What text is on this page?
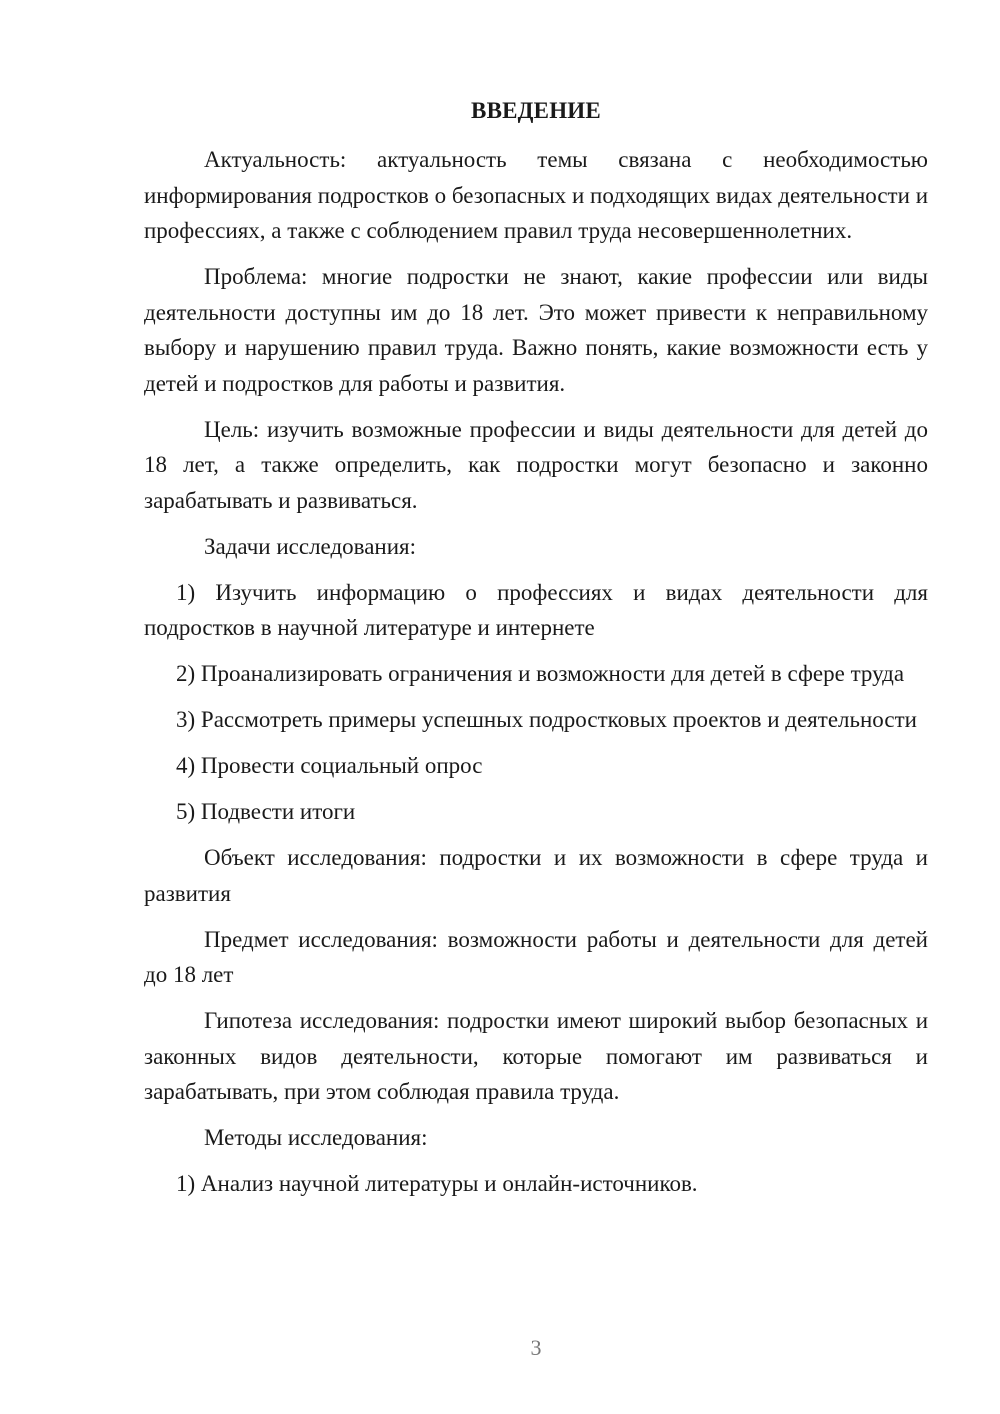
ВВЕДЕНИЕ

Актуальность: актуальность темы связана с необходимостью информирования подростков о безопасных и подходящих видах деятельности и профессиях, а также с соблюдением правил труда несовершеннолетних.

Проблема: многие подростки не знают, какие профессии или виды деятельности доступны им до 18 лет. Это может привести к неправильному выбору и нарушению правил труда. Важно понять, какие возможности есть у детей и подростков для работы и развития.

Цель: изучить возможные профессии и виды деятельности для детей до 18 лет, а также определить, как подростки могут безопасно и законно зарабатывать и развиваться.

Задачи исследования:

1) Изучить информацию о профессиях и видах деятельности для подростков в научной литературе и интернете

2) Проанализировать ограничения и возможности для детей в сфере труда

3) Рассмотреть примеры успешных подростковых проектов и деятельности

4) Провести социальный опрос

5) Подвести итоги

Объект исследования: подростки и их возможности в сфере труда и развития

Предмет исследования: возможности работы и деятельности для детей до 18 лет

Гипотеза исследования: подростки имеют широкий выбор безопасных и законных видов деятельности, которые помогают им развиваться и зарабатывать, при этом соблюдая правила труда.

Методы исследования:

1) Анализ научной литературы и онлайн-источников.

3
